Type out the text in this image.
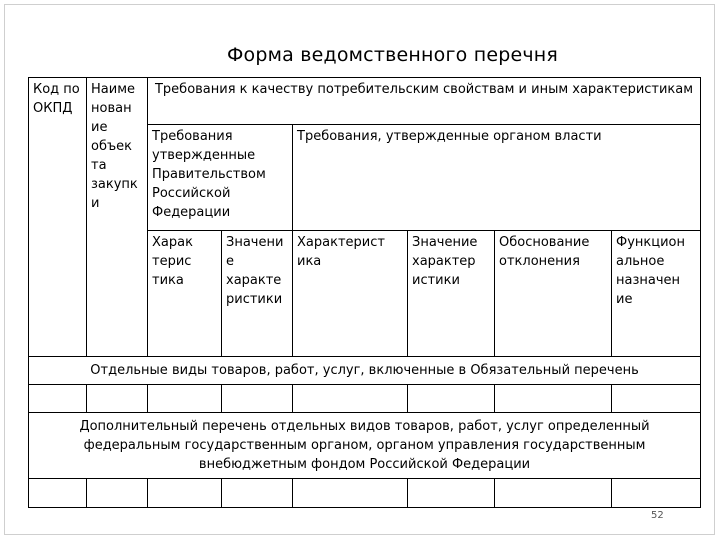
Форма ведомственного перечня
Код по ОКПД	Наиме нован ие объек та закупк и	Требования к качеству потребительским свойствам и иным характеристикам					
		Требования утвержденные Правительством Российской Федерации		Требования, утвержденные органом власти			
		Харак терис тика	Значени е характе ристики	Характерист ика	Значение характер истики	Обоснование отклонения	Функцион альное назначен ие
Отдельные виды товаров, работ, услуг, включенные в Обязательный перечень							

Дополнительный перечень отдельных видов товаров, работ, услуг определенный федеральным государственным органом, органом управления государственным внебюджетным фондом Российской Федерации							

52
